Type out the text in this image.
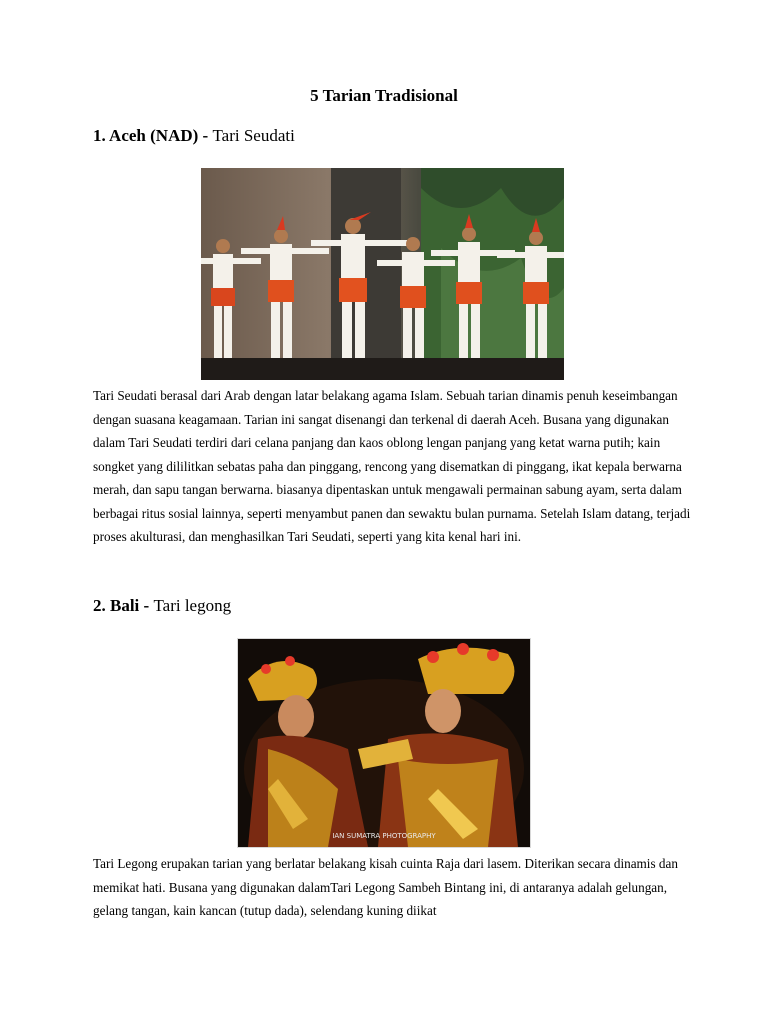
5 Tarian Tradisional
1. Aceh (NAD) - Tari Seudati

Tari Seudati berasal dari Arab dengan latar belakang agama Islam. Sebuah tarian dinamis penuh keseimbangan dengan suasana keagamaan. Tarian ini sangat disenangi dan terkenal di daerah Aceh. Busana yang digunakan dalam Tari Seudati terdiri dari celana panjang dan kaos oblong lengan panjang yang ketat warna putih; kain songket yang dililitkan sebatas paha dan pinggang, rencong yang disematkan di pinggang, ikat kepala berwarna merah, dan sapu tangan berwarna. biasanya dipentaskan untuk mengawali permainan sabung ayam, serta dalam berbagai ritus sosial lainnya, seperti menyambut panen dan sewaktu bulan purnama. Setelah Islam datang, terjadi proses akulturasi, dan menghasilkan Tari Seudati, seperti yang kita kenal hari ini.

2. Bali - Tari legong
IAN SUMATRA PHOTOGRAPHY

Tari Legong erupakan tarian yang berlatar belakang kisah cuinta Raja dari lasem. Diterikan secara dinamis dan memikat hati. Busana yang digunakan dalamTari Legong Sambeh Bintang ini, di antaranya adalah gelungan, gelang tangan, kain kancan (tutup dada), selendang kuning diikat
